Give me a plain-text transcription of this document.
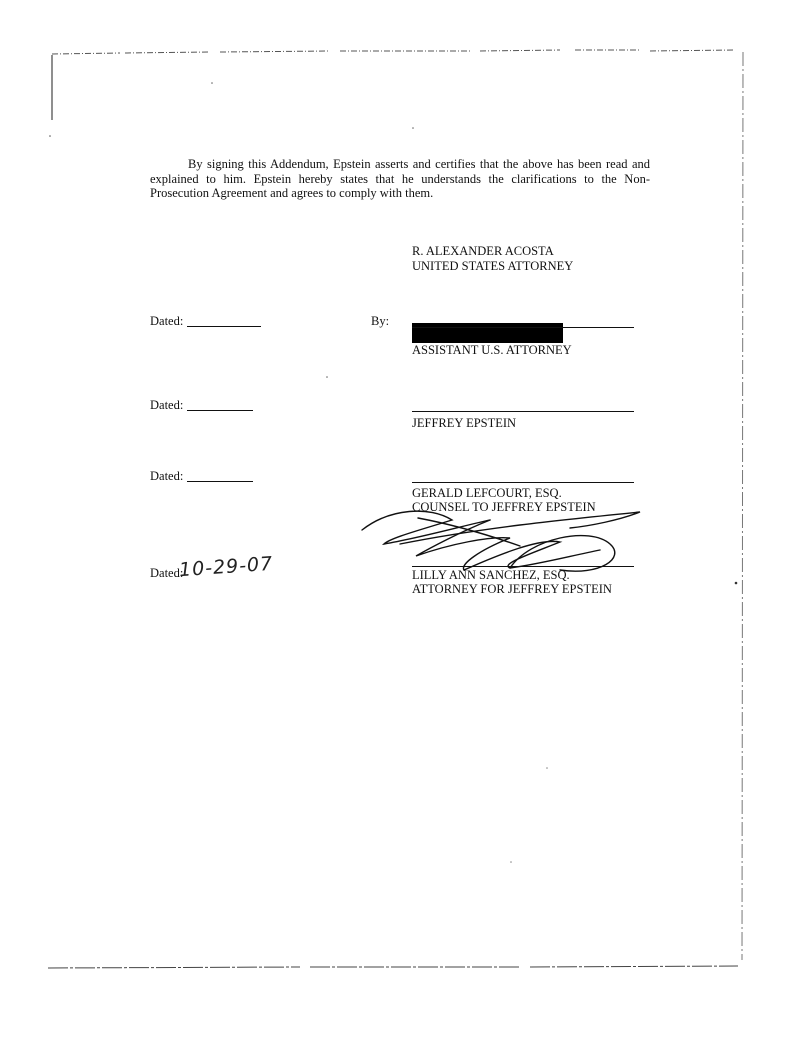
By signing this Addendum, Epstein asserts and certifies that the above has been read and explained to him. Epstein hereby states that he understands the clarifications to the Non-Prosecution Agreement and agrees to comply with them.
R. ALEXANDER ACOSTA
UNITED STATES ATTORNEY
Dated:	By:
ASSISTANT U.S. ATTORNEY
Dated:
JEFFREY EPSTEIN
Dated:
GERALD LEFCOURT, ESQ.
COUNSEL TO JEFFREY EPSTEIN
Dated:
10-29-07	LILLY ANN SANCHEZ, ESQ.
ATTORNEY FOR JEFFREY EPSTEIN
